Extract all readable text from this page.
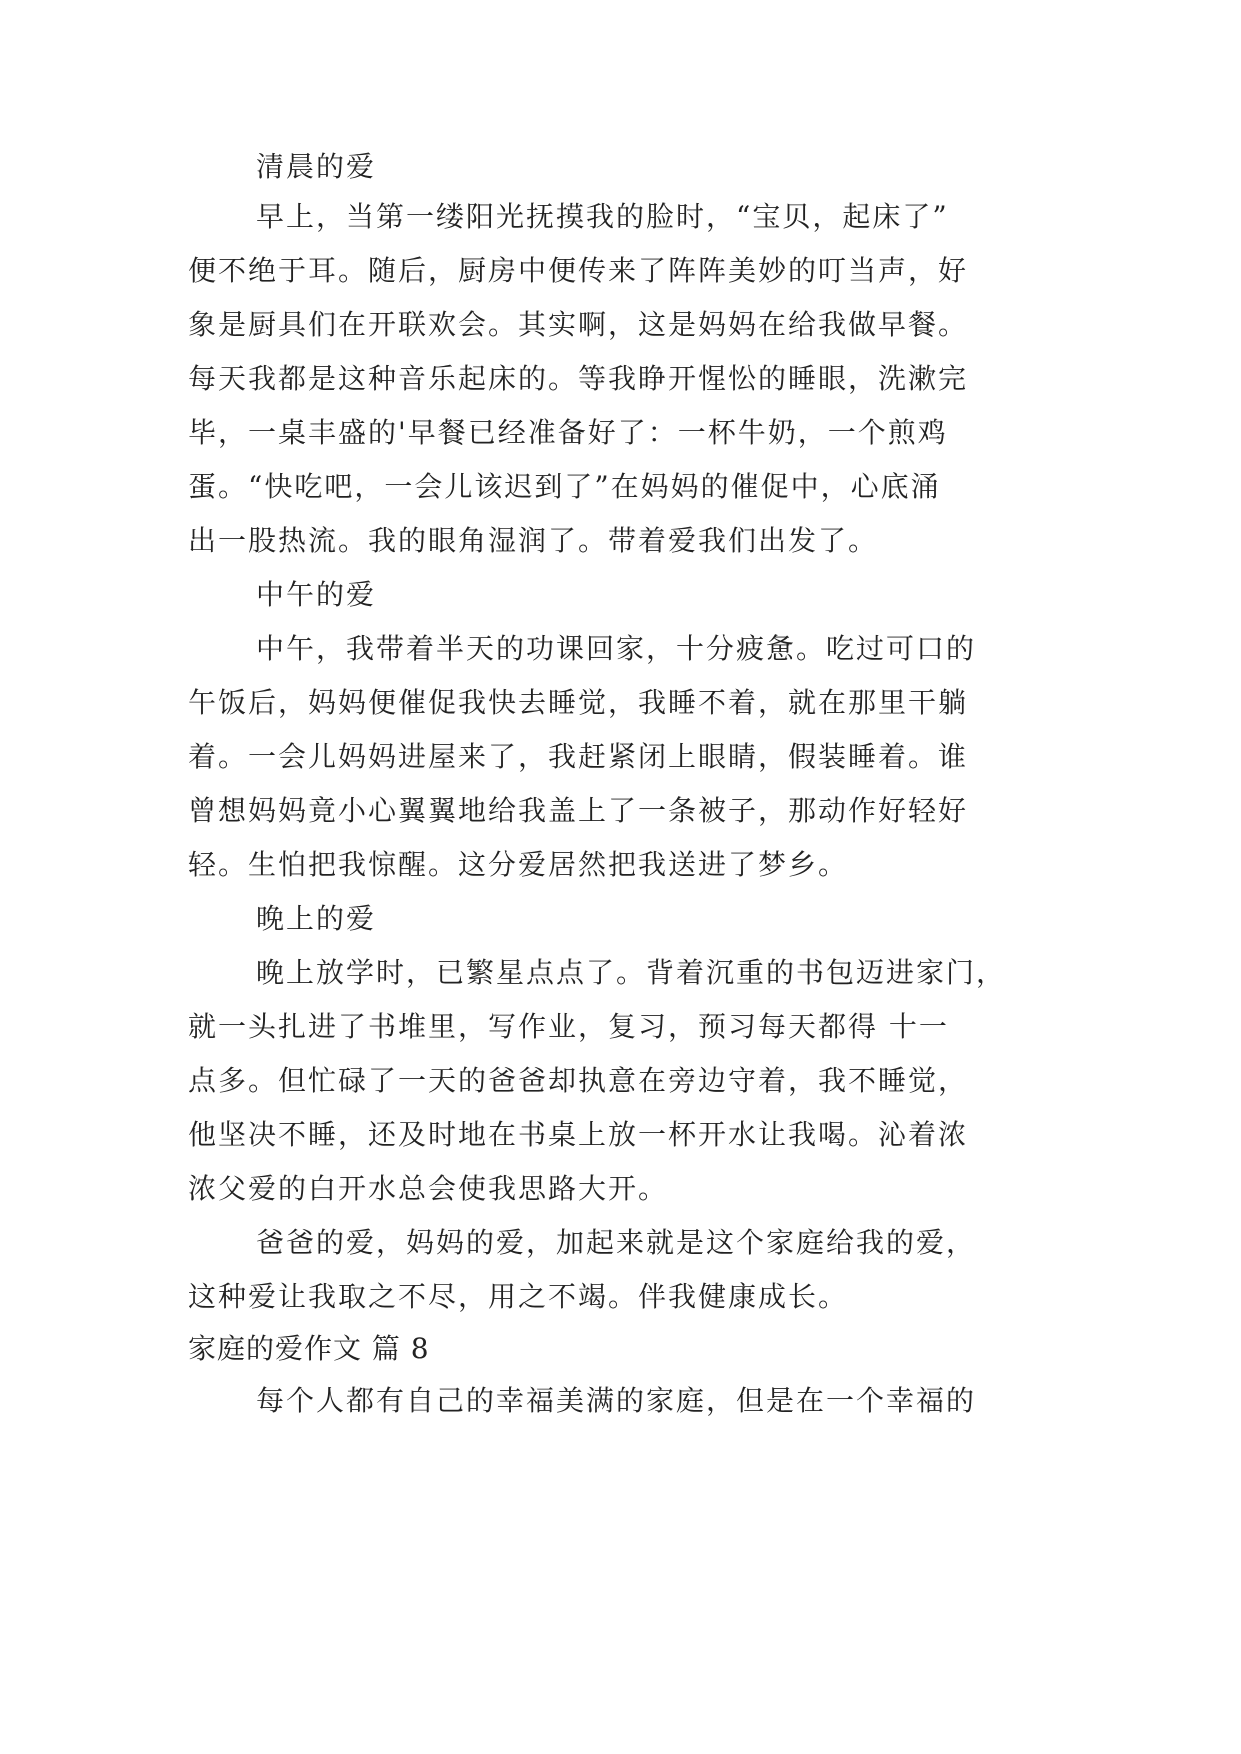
清晨的爱
早上，当第一缕阳光抚摸我的脸时，“宝贝，起床了”
便不绝于耳。随后，厨房中便传来了阵阵美妙的叮当声，好
象是厨具们在开联欢会。其实啊，这是妈妈在给我做早餐。
每天我都是这种音乐起床的。等我睁开惺忪的睡眼，洗漱完
毕，一桌丰盛的'早餐已经准备好了：一杯牛奶，一个煎鸡
蛋。“快吃吧，一会儿该迟到了”在妈妈的催促中，心底涌
出一股热流。我的眼角湿润了。带着爱我们出发了。
中午的爱
中午，我带着半天的功课回家，十分疲惫。吃过可口的
午饭后，妈妈便催促我快去睡觉，我睡不着，就在那里干躺
着。一会儿妈妈进屋来了，我赶紧闭上眼睛，假装睡着。谁
曾想妈妈竟小心翼翼地给我盖上了一条被子，那动作好轻好
轻。生怕把我惊醒。这分爱居然把我送进了梦乡。
晚上的爱
晚上放学时，已繁星点点了。背着沉重的书包迈进家门，
就一头扎进了书堆里，写作业，复习，预习每天都得 十一
点多。但忙碌了一天的爸爸却执意在旁边守着，我不睡觉，
他坚决不睡，还及时地在书桌上放一杯开水让我喝。沁着浓
浓父爱的白开水总会使我思路大开。
爸爸的爱，妈妈的爱，加起来就是这个家庭给我的爱，
这种爱让我取之不尽，用之不竭。伴我健康成长。
家庭的爱作文 篇 8
每个人都有自己的幸福美满的家庭，但是在一个幸福的
